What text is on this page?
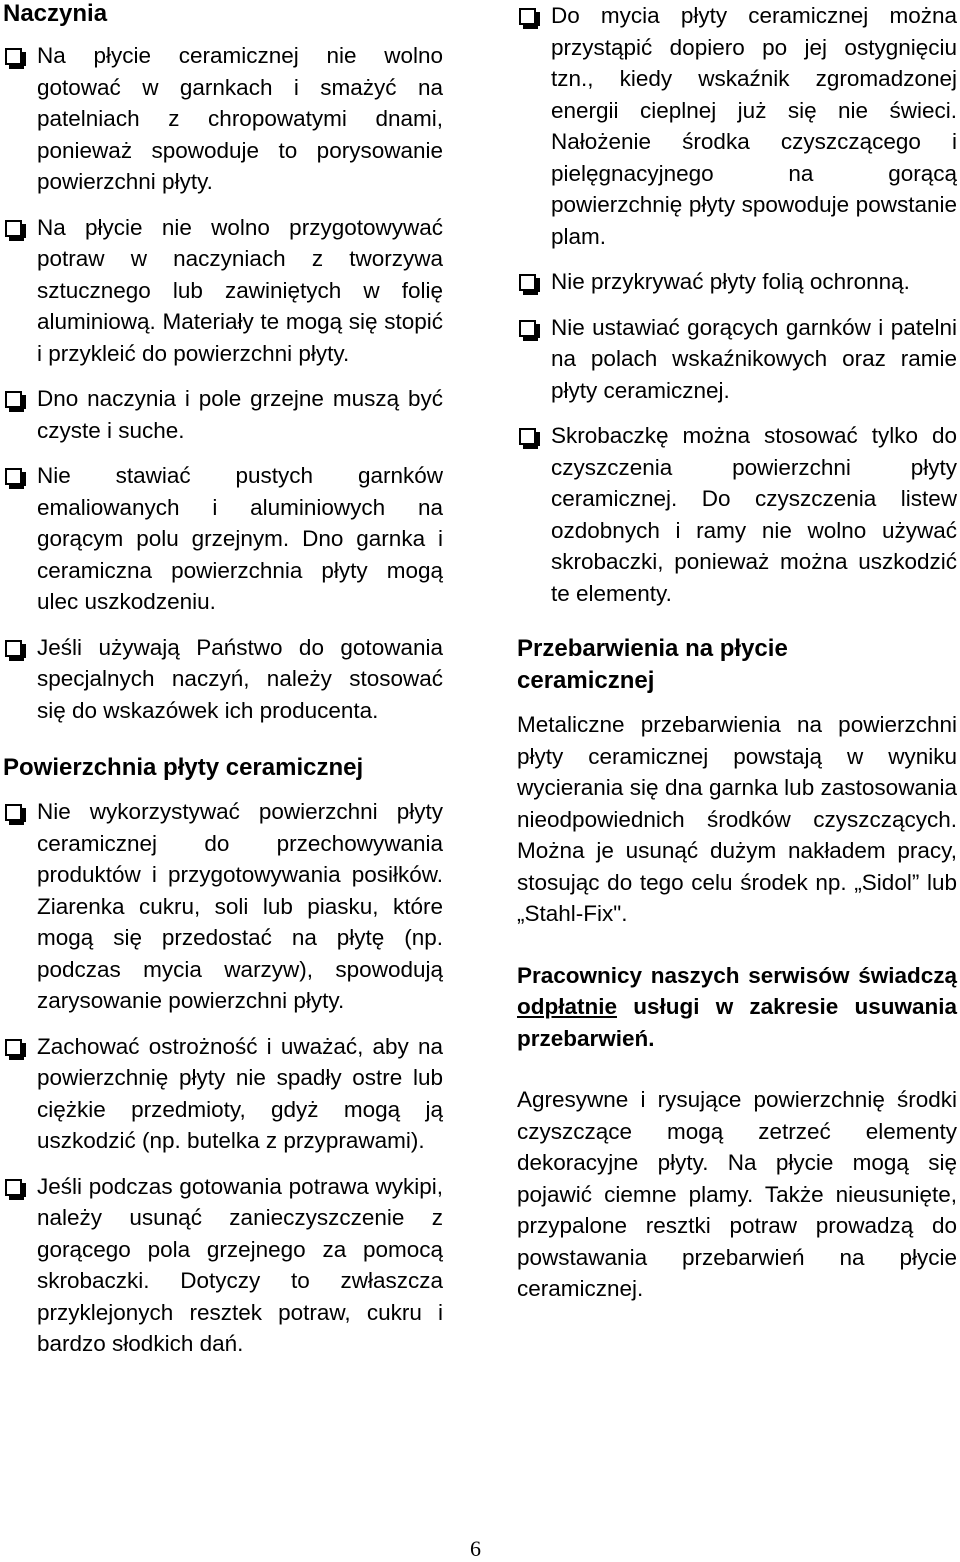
Naczynia
Na płycie ceramicznej nie wolno gotować w garnkach i smażyć na patelniach z chropowatymi dnami, ponieważ spowoduje to porysowanie powierzchni płyty.
Na płycie nie wolno przygotowywać potraw w naczyniach z tworzywa sztucznego lub zawiniętych w folię aluminiową. Materiały te mogą się stopić i przykleić do powierzchni płyty.
Dno naczynia i pole grzejne muszą być czyste i suche.
Nie stawiać pustych garnków emaliowanych i aluminiowych na gorącym polu grzejnym. Dno garnka i ceramiczna powierzchnia płyty mogą ulec uszkodzeniu.
Jeśli używają Państwo do gotowania specjalnych naczyń, należy stosować się do wskazówek ich producenta.
Powierzchnia płyty ceramicznej
Nie wykorzystywać powierzchni płyty ceramicznej do przechowywania produktów i przygotowywania posiłków. Ziarenka cukru, soli lub piasku, które mogą się przedostać na płytę (np. podczas mycia warzyw), spowodują zarysowanie powierzchni płyty.
Zachować ostrożność i uważać, aby na powierzchnię płyty nie spadły ostre lub ciężkie przedmioty, gdyż mogą ją uszkodzić (np. butelka z przyprawami).
Jeśli podczas gotowania potrawa wykipi, należy usunąć zanieczyszczenie z gorącego pola grzejnego za pomocą skrobaczki. Dotyczy to zwłaszcza przyklejonych resztek potraw, cukru i bardzo słodkich dań.
Do mycia płyty ceramicznej można przystąpić dopiero po jej ostygnięciu tzn., kiedy wskaźnik zgromadzonej energii cieplnej już się nie świeci. Nałożenie środka czyszczącego i pielęgnacyjnego na gorącą powierzchnię płyty spowoduje powstanie plam.
Nie przykrywać płyty folią ochronną.
Nie ustawiać gorących garnków i patelni na polach wskaźnikowych oraz ramie płyty ceramicznej.
Skrobaczkę można stosować tylko do czyszczenia powierzchni płyty ceramicznej. Do czyszczenia listew ozdobnych i ramy nie wolno używać skrobaczki, ponieważ można uszkodzić te elementy.
Przebarwienia na płycie ceramicznej

Metaliczne przebarwienia na powierzchni płyty ceramicznej powstają w wyniku wycierania się dna garnka lub zastosowania nieodpowiednich środków czyszczących. Można je usunąć dużym nakładem pracy, stosując do tego celu środek np. „Sidol” lub „Stahl-Fix".

Pracownicy naszych serwisów świadczą odpłatnie usługi w zakresie usuwania przebarwień.

Agresywne i rysujące powierzchnię środki czyszczące mogą zetrzeć elementy dekoracyjne płyty. Na płycie mogą się pojawić ciemne plamy. Także nieusunięte, przypalone resztki potraw prowadzą do powstawania przebarwień na płycie ceramicznej.

6
